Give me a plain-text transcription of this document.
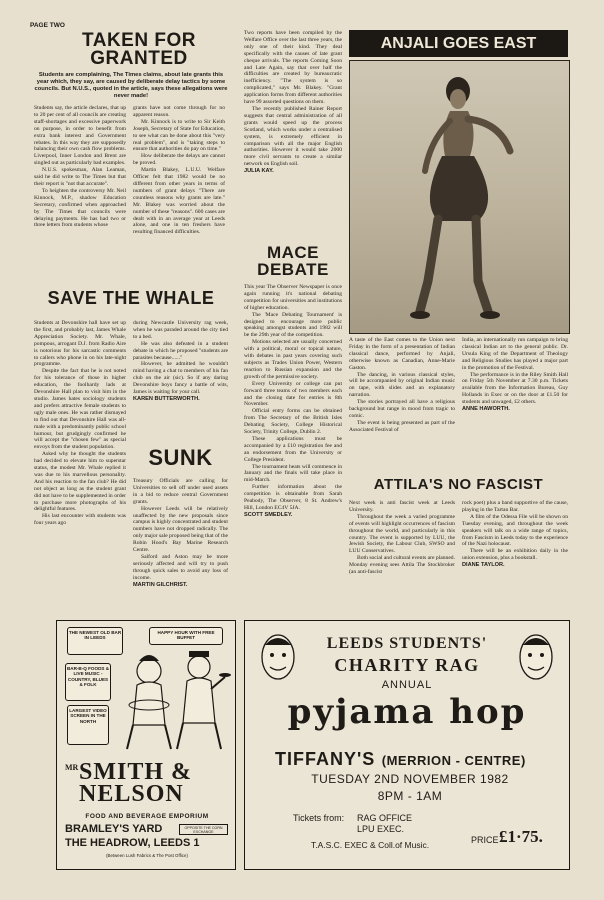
PAGE TWO
TAKEN FOR GRANTED
Students are complaining, The Times claims, about late grants this year which, they say, are caused by deliberate delay tactics by some councils. But N.U.S., quoted in the article, says these allegations were never made!

Students say, the article declares, that up to 20 per cent of all councils are creating staff-shortages and excessive paperwork on purpose, in order to benefit from extra bank interest and Government rebates. In this way they are supposedly balancing their own cash flow problems. Liverpool, Inner London and Brent are singled out as particularly bad examples.

N.U.S. spokesman, Alan Leaman, said he did write to The Times but that their report is "not that accurate".

To heighten the controversy Mr. Neil Kinnock, M.P., shadow Education Secretary, confirmed when approached by The Times that councils were delaying payments. He has had two or three letters from students whose

grants have not come through for no apparent reason.

Mr. Kinnock is to write to Sir Keith Joseph, Secretary of State for Education, to see what can be done about this "very real problem", and is "taking steps to ensure that authorities do pay on time."

How deliberate the delays are cannot be proved.

Martin Blakey, L.U.U. Welfare Officer felt that 1982 would be no different from other years in terms of numbers of grant delays "There are countless reasons why grants are late." Mr. Blakey was worried about the number of these "reasons". 600 cases are dealt with in an average year at Leeds alone, and one in ten freshers have resulting financed difficulties.

Two reports have been compiled by the Welfare Office over the last three years, the only one of their kind. They deal specifically with the causes of late grant cheque arrivals. The reports Coming Soon and Late Again, say that over half the difficulties are created by bureaucratic inefficiency. "The system is so complicated," says Mr. Blakey. "Grant application forms from different authorities have 99 assorted questions on them.

The recently published Rainer Report suggests that central administration of all grants would speed up the process Scotland, which works under a centralised system, is extremely efficient in comparison with all the major English authorities. However it would take 2000 more civil servants to create a similar network on English soil.

JULIA KAY.

ANJALI GOES EAST

A taste of the East comes to the Union next Friday in the form of a presentation of Indian classical dance, performed by Anjali, otherwise known as Canadian, Anne-Marie Gaston.

The dancing, in various classical styles, will be accompanied by original Indian music on tape, with slides and an explanatory narration.

The stories portrayed all have a religious background but range in mood from tragic to comic.

The event is being presented as part of the Associated Festival of

India, an internationally run campaign to bring classical Indian art to the general public. Dr. Ursula King of the Department of Theology and Religious Studies has played a major part in the promotion of the Festival.

The performance is in the Riley Smith Hall on Friday 5th November at 7.30 p.m. Tickets available from the Information Bureau, Guy Hollands in Exec or on the door at £1.50 for students and unwaged, £2 others.

ANNE HAWORTH.

SAVE THE WHALE

Students at Devonshire hall have set up the first, and probably last, James Whale Appreciation Society. Mr. Whale, pompous, arrogant D.J. from Radio Aire is notorious for his sarcastic comments to callers who phone in on his late-night programme.

Despite the fact that he is not noted for his tolerance of those in higher education, the foolhardy lads at Devonshire Hall plan to visit him in the studio. James hates sociology students and prefers attractive female students to ugly male ones. He was rather dismayed to find out that Devonshire Hall was all-male with a predominantly public school humour, but grudgingly confirmed he will accept the "chosen few" as special envoys from the student population.

Asked why he thought the students had decided to elevate him to superstar status, the modest Mr. Whale replied it was due to his marvellous personality. And his reaction to the fan club? He did not object as long as the student grant did not have to be supplemented in order to purchase more photographs of his delightful features.

His last encounter with students was four years ago

during Newcastle University rag week, when he was paraded around the city tied to a bed.

He was also defeated in a student debate in which he proposed "students are parasites because......"

However, he admitted he wouldn't mind having a chat to members of his fan club on the air (sic). So if any daring Devonshire boys fancy a battle of wits, James is waiting for your call.

KAREN BUTTERWORTH.

SUNK

Treasury Officials are calling for Universities to sell off under used assets in a bid to reduce central Government grants.

However Leeds will be relatively unaffected by the new proposals since campus is highly concentrated and student numbers have not dropped radically. The only major sale proposed being that of the Robin Hood's Bay Marine Research Centre.

Salford and Aston may be more seriously affected and will try to push through quick sales to avoid any loss of income.

MARTIN GILCHRIST.

MACE DEBATE

This year The Observer Newspaper is once again running it's national debating competition for universities and institutions of higher education.

The 'Mace Debating Tournament' is designed to encourage more public speaking amongst students and 1982 will be the 29th year of the competition.

Motions selected are usually concerned with a political, moral or topical nature, with debates in past years covering such subjects as Trades Union Power, Western reaction to Russian expansion and the growth of the permissive society.

Every University or college can put forward three teams of two members each and the closing date for entries is 8th November.

Official entry forms can be obtained from The Secretary of the British Isles Debating Society, College Historical Society, Trinity College, Dublin 2.

These applications must be accompanied by a £10 registration fee and an endorsement from the University or College President.

The tournament heats will commence in January and the finals will take place in mid-March.

Further information about the competition is obtainable from Sarah Peabody, The Observer, 8 St. Andrew's Hill, London EC4V 5JA.

SCOTT SMEDLEY.

ATTILA'S NO FASCIST

Next week is anti fascist week at Leeds University.

Throughout the week a varied programme of events will highlight occurrences of fascism throughout the world, and particularly in this country. The event is supported by LUU, the Jewish Society, the Labour Club, SWSO and LUU Conservatives.

Both social and cultural events are planned. Monday evening sees Attila The Stockbroker (an anti-fascist

rock poet) plus a band supportive of the cause, playing in the Tartan Bar.

A film of the Odessa File will be shown on Tuesday evening, and throughout the week speakers will talk on a wide range of topics, from Fascism in Leeds today to the experience of the Nazi holocaust.

There will be an exhibition daily in the union extension, plus a bookstall.

DIANE TAYLOR.

THE NEWEST OLD BAR IN LEEDS
HAPPY HOUR WITH FREE BUFFET
BAR-B-Q FOODS & LIVE MUSIC - COUNTRY, BLUES & FOLK
LARGEST VIDEO SCREEN IN THE NORTH
MR SMITH &
NELSON
FOOD AND BEVERAGE EMPORIUM
BRAMLEY'S YARD	OPPOSITE THE CORN EXCHANGE
THE HEADROW, LEEDS 1
(Between Lush Fabrics & The Post Office)
LEEDS STUDENTS'
CHARITY RAG
ANNUAL
pyjama hop
TIFFANY'S (MERRION - CENTRE)
TUESDAY 2ND NOVEMBER 1982
8PM - 1AM
Tickets from: RAG OFFICE
LPU EXEC.
T.A.S.C. EXEC & Coll.of Music.	PRICE £1·75.
